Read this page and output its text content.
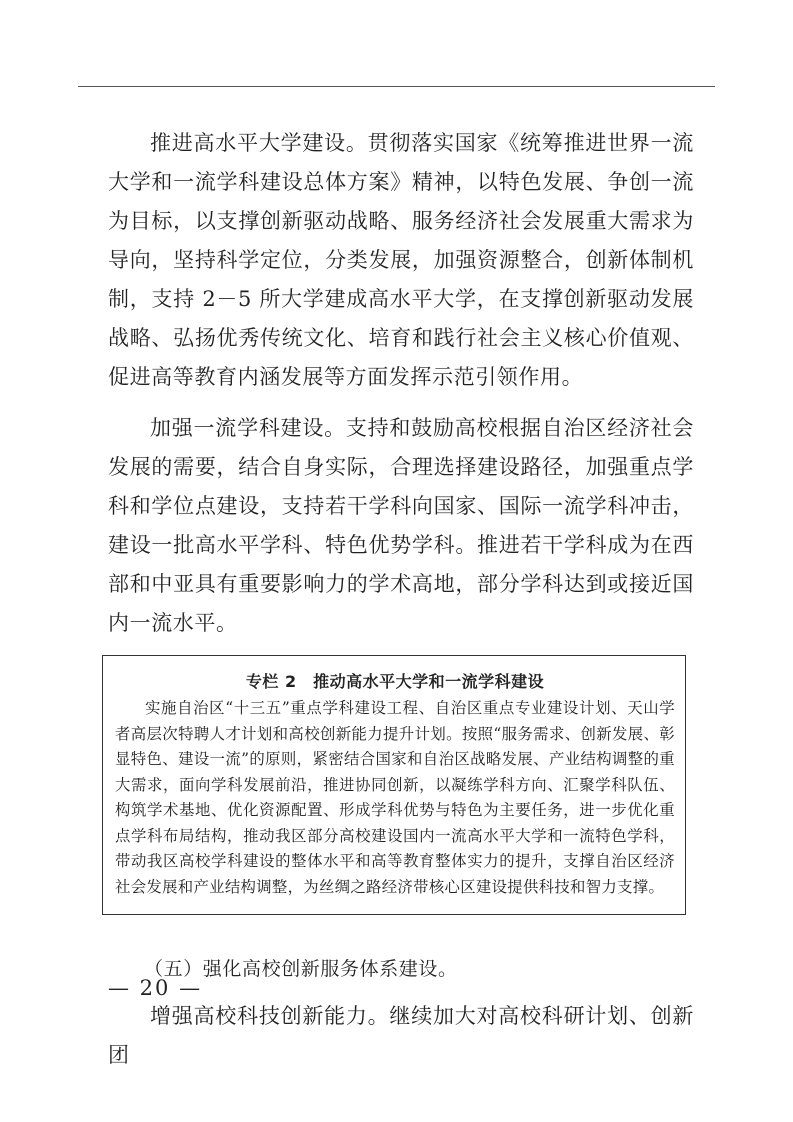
推进高水平大学建设。贯彻落实国家《统筹推进世界一流大学和一流学科建设总体方案》精神，以特色发展、争创一流为目标，以支撑创新驱动战略、服务经济社会发展重大需求为导向，坚持科学定位，分类发展，加强资源整合，创新体制机制，支持 2－5 所大学建成高水平大学，在支撑创新驱动发展战略、弘扬优秀传统文化、培育和践行社会主义核心价值观、促进高等教育内涵发展等方面发挥示范引领作用。

加强一流学科建设。支持和鼓励高校根据自治区经济社会发展的需要，结合自身实际，合理选择建设路径，加强重点学科和学位点建设，支持若干学科向国家、国际一流学科冲击，建设一批高水平学科、特色优势学科。推进若干学科成为在西部和中亚具有重要影响力的学术高地，部分学科达到或接近国内一流水平。

专栏 2　推动高水平大学和一流学科建设

实施自治区“十三五”重点学科建设工程、自治区重点专业建设计划、天山学者高层次特聘人才计划和高校创新能力提升计划。按照“服务需求、创新发展、彰显特色、建设一流”的原则，紧密结合国家和自治区战略发展、产业结构调整的重大需求，面向学科发展前沿，推进协同创新，以凝练学科方向、汇聚学科队伍、构筑学术基地、优化资源配置、形成学科优势与特色为主要任务，进一步优化重点学科布局结构，推动我区部分高校建设国内一流高水平大学和一流特色学科，带动我区高校学科建设的整体水平和高等教育整体实力的提升，支撑自治区经济社会发展和产业结构调整，为丝绸之路经济带核心区建设提供科技和智力支撑。

（五）强化高校创新服务体系建设。

增强高校科技创新能力。继续加大对高校科研计划、创新团

— 20 —
